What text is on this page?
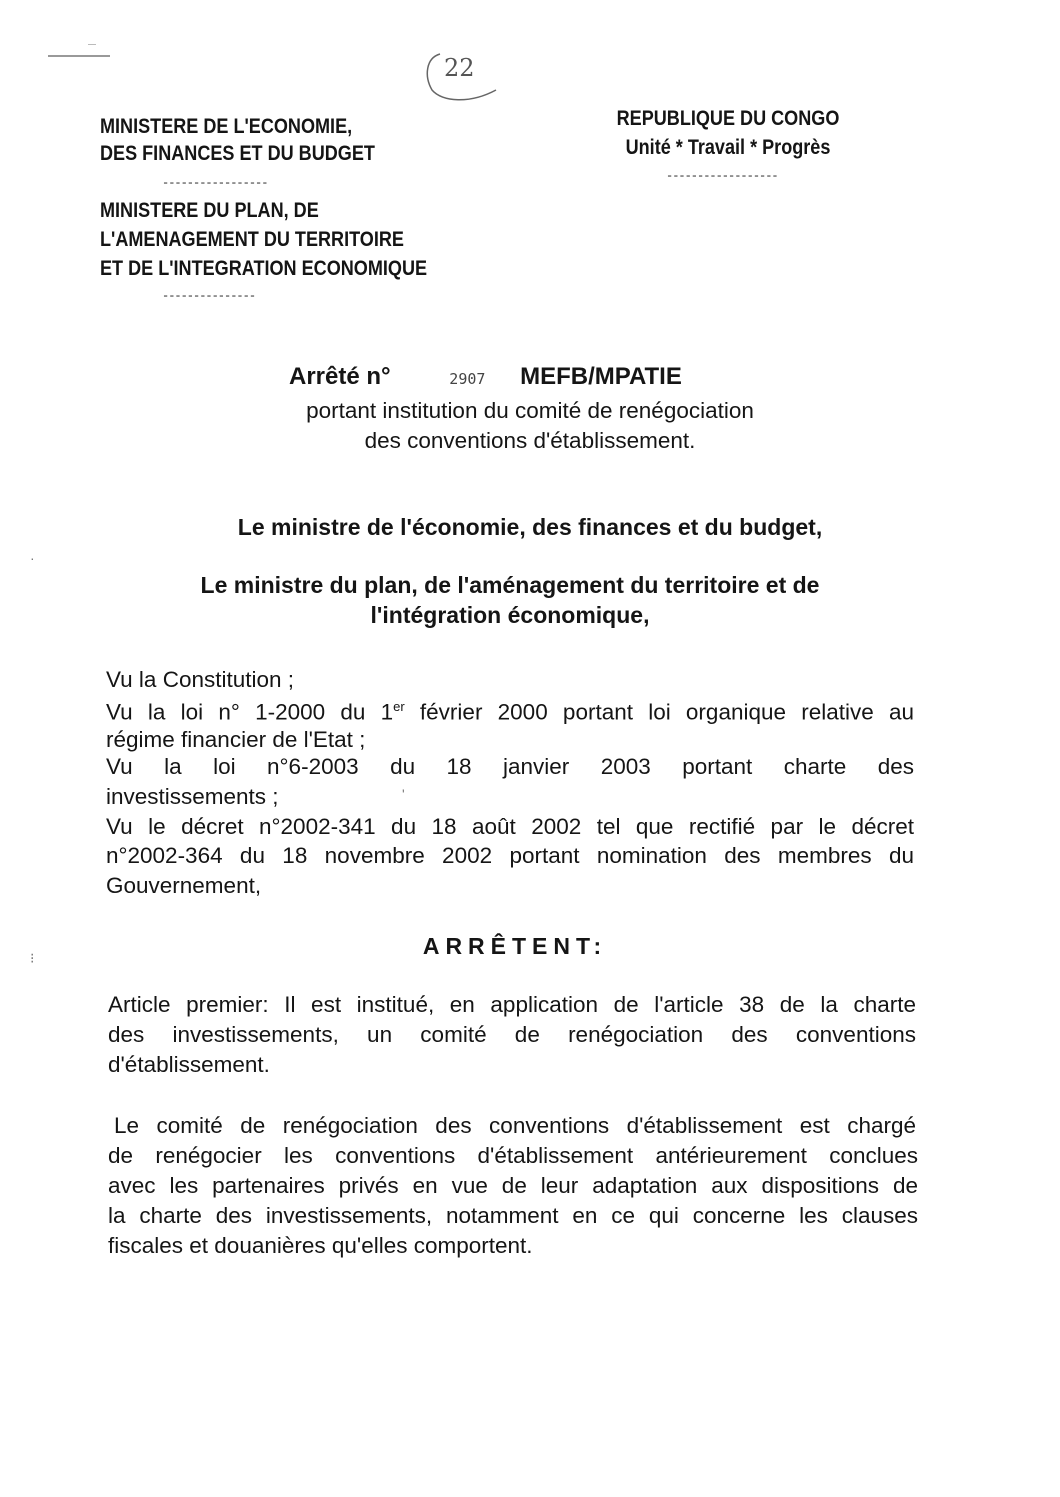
22
MINISTERE DE L'ECONOMIE,
DES FINANCES ET DU BUDGET
-----------------
MINISTERE DU PLAN, DE
L'AMENAGEMENT DU TERRITOIRE
ET DE L'INTEGRATION ECONOMIQUE
---------------
REPUBLIQUE DU CONGO
Unité * Travail * Progrès
------------------
Arrêté n°	2907 MEFB/MPATIE
portant institution du comité de renégociation
des conventions d'établissement.
Le ministre de l'économie, des finances et du budget,
Le ministre du plan, de l'aménagement du territoire et de
l'intégration économique,
Vu la Constitution ;
Vu la loi n° 1-2000 du 1er février 2000 portant loi organique relative au
régime financier de l'Etat ;
Vu la loi n°6-2003 du 18 janvier 2003 portant charte des
investissements ;	'
Vu le décret n°2002-341 du 18 août 2002 tel que rectifié par le décret
n°2002-364 du 18 novembre 2002 portant nomination des membres du
Gouvernement,
ARRÊTENT:
·
⁝
Article premier: Il est institué, en application de l'article 38 de la charte
des investissements, un comité de renégociation des conventions
d'établissement.
Le comité de renégociation des conventions d'établissement est chargé
de renégocier les conventions d'établissement antérieurement conclues
avec les partenaires privés en vue de leur adaptation aux dispositions de
la charte des investissements, notamment en ce qui concerne les clauses
fiscales et douanières qu'elles comportent.
